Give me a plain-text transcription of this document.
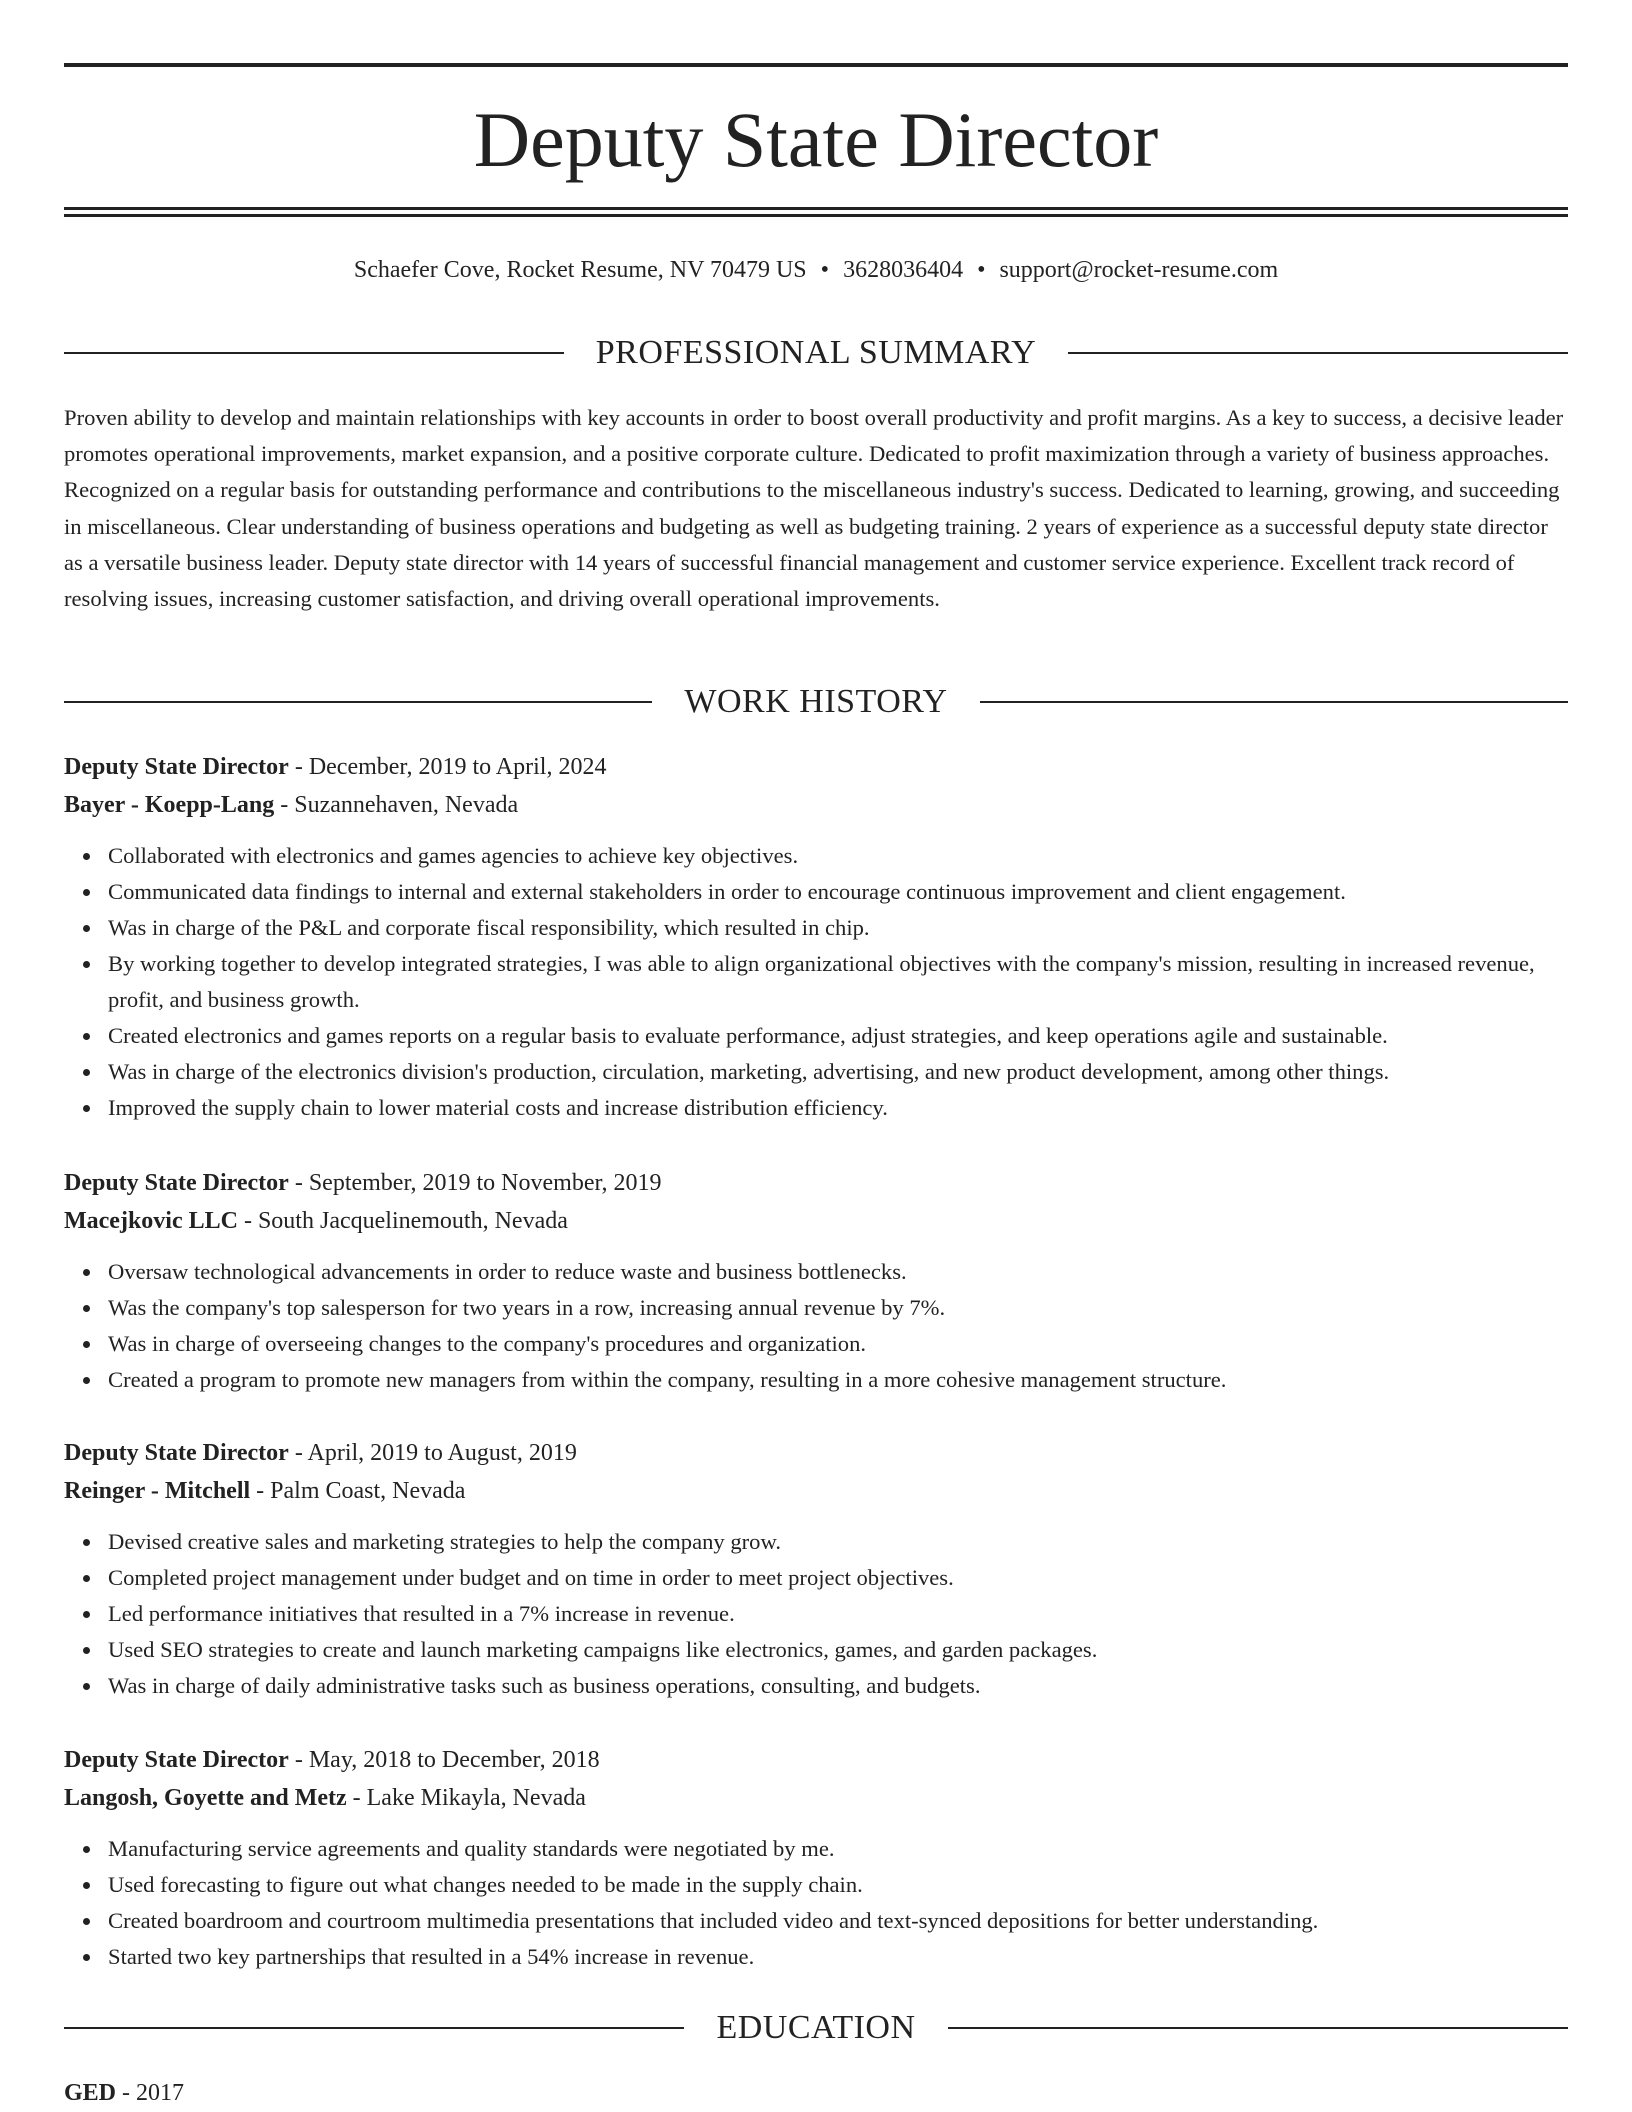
Deputy State Director
Schaefer Cove, Rocket Resume, NV 70479 US • 3628036404 • support@rocket-resume.com
PROFESSIONAL SUMMARY

Proven ability to develop and maintain relationships with key accounts in order to boost overall productivity and profit margins. As a key to success, a decisive leader promotes operational improvements, market expansion, and a positive corporate culture. Dedicated to profit maximization through a variety of business approaches. Recognized on a regular basis for outstanding performance and contributions to the miscellaneous industry's success. Dedicated to learning, growing, and succeeding in miscellaneous. Clear understanding of business operations and budgeting as well as budgeting training. 2 years of experience as a successful deputy state director as a versatile business leader. Deputy state director with 14 years of successful financial management and customer service experience. Excellent track record of resolving issues, increasing customer satisfaction, and driving overall operational improvements.

WORK HISTORY
Deputy State Director - December, 2019 to April, 2024
Bayer - Koepp-Lang - Suzannehaven, Nevada
Collaborated with electronics and games agencies to achieve key objectives.
Communicated data findings to internal and external stakeholders in order to encourage continuous improvement and client engagement.
Was in charge of the P&L and corporate fiscal responsibility, which resulted in chip.
By working together to develop integrated strategies, I was able to align organizational objectives with the company's mission, resulting in increased revenue, profit, and business growth.
Created electronics and games reports on a regular basis to evaluate performance, adjust strategies, and keep operations agile and sustainable.
Was in charge of the electronics division's production, circulation, marketing, advertising, and new product development, among other things.
Improved the supply chain to lower material costs and increase distribution efficiency.
Deputy State Director - September, 2019 to November, 2019
Macejkovic LLC - South Jacquelinemouth, Nevada
Oversaw technological advancements in order to reduce waste and business bottlenecks.
Was the company's top salesperson for two years in a row, increasing annual revenue by 7%.
Was in charge of overseeing changes to the company's procedures and organization.
Created a program to promote new managers from within the company, resulting in a more cohesive management structure.
Deputy State Director - April, 2019 to August, 2019
Reinger - Mitchell - Palm Coast, Nevada
Devised creative sales and marketing strategies to help the company grow.
Completed project management under budget and on time in order to meet project objectives.
Led performance initiatives that resulted in a 7% increase in revenue.
Used SEO strategies to create and launch marketing campaigns like electronics, games, and garden packages.
Was in charge of daily administrative tasks such as business operations, consulting, and budgets.
Deputy State Director - May, 2018 to December, 2018
Langosh, Goyette and Metz - Lake Mikayla, Nevada
Manufacturing service agreements and quality standards were negotiated by me.
Used forecasting to figure out what changes needed to be made in the supply chain.
Created boardroom and courtroom multimedia presentations that included video and text-synced depositions for better understanding.
Started two key partnerships that resulted in a 54% increase in revenue.
EDUCATION
GED - 2017
